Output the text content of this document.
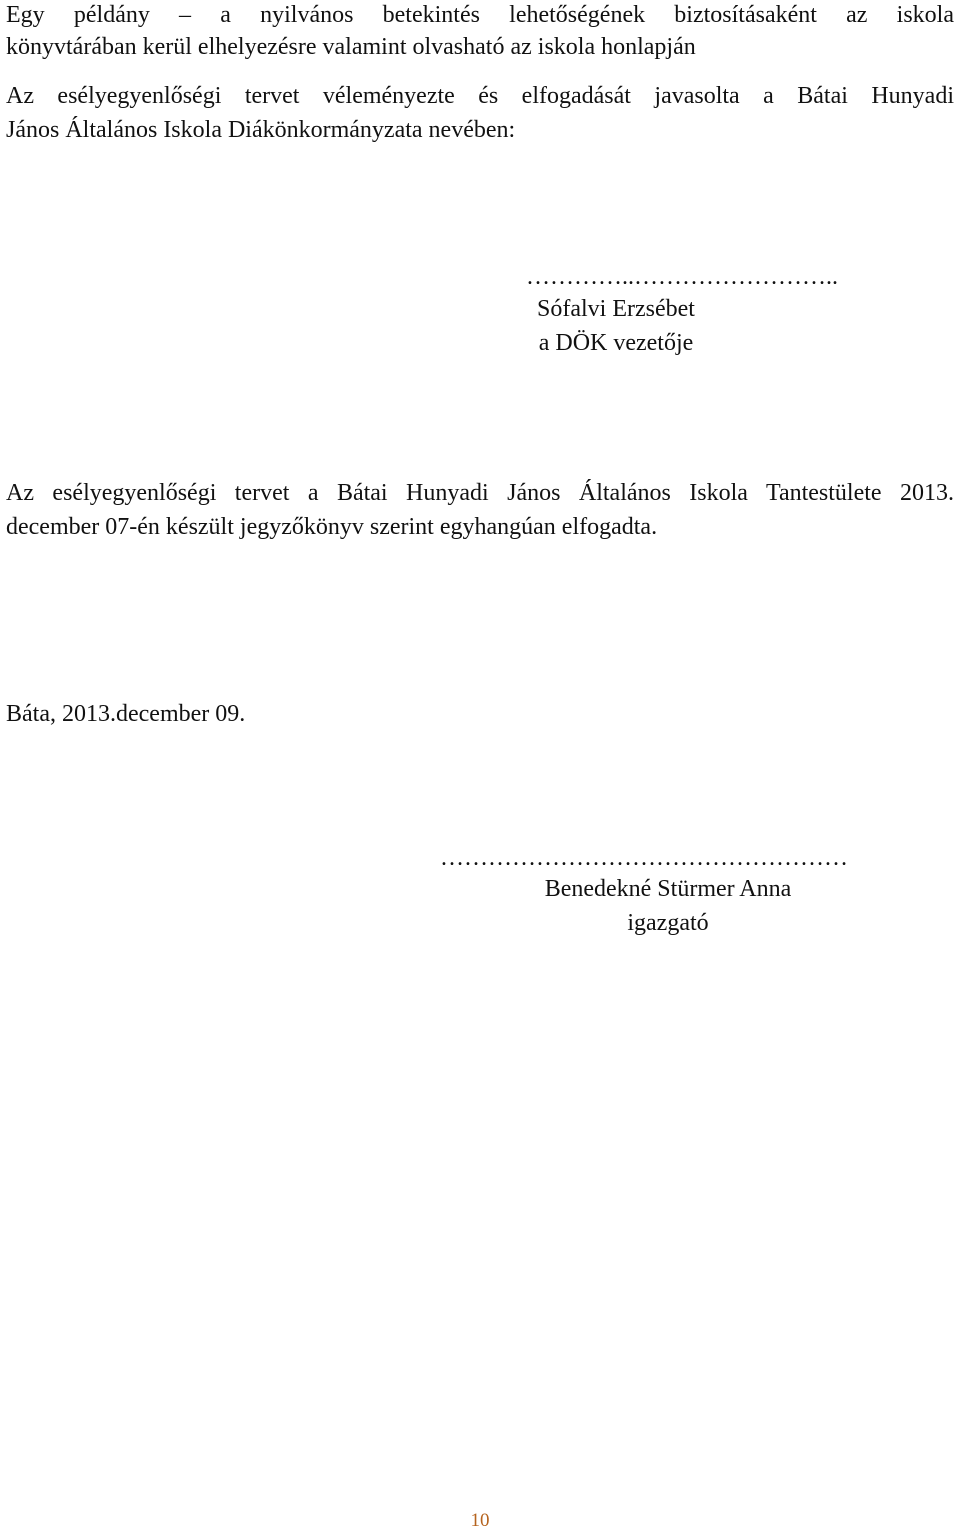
Egy példány – a nyilvános betekintés lehetőségének biztosításaként az iskola

könyvtárában kerül elhelyezésre valamint olvasható az iskola honlapján

Az esélyegyenlőségi tervet véleményezte és elfogadását javasolta a Bátai Hunyadi

János Általános Iskola Diákönkormányzata nevében:

…………..……………………..
Sófalvi Erzsébet
a DÖK vezetője

Az esélyegyenlőségi tervet a Bátai Hunyadi János Általános Iskola Tantestülete 2013.

december 07-én készült jegyzőkönyv szerint egyhangúan elfogadta.

Báta, 2013.december 09.

……………………………………………
Benedekné Stürmer Anna
igazgató
10
